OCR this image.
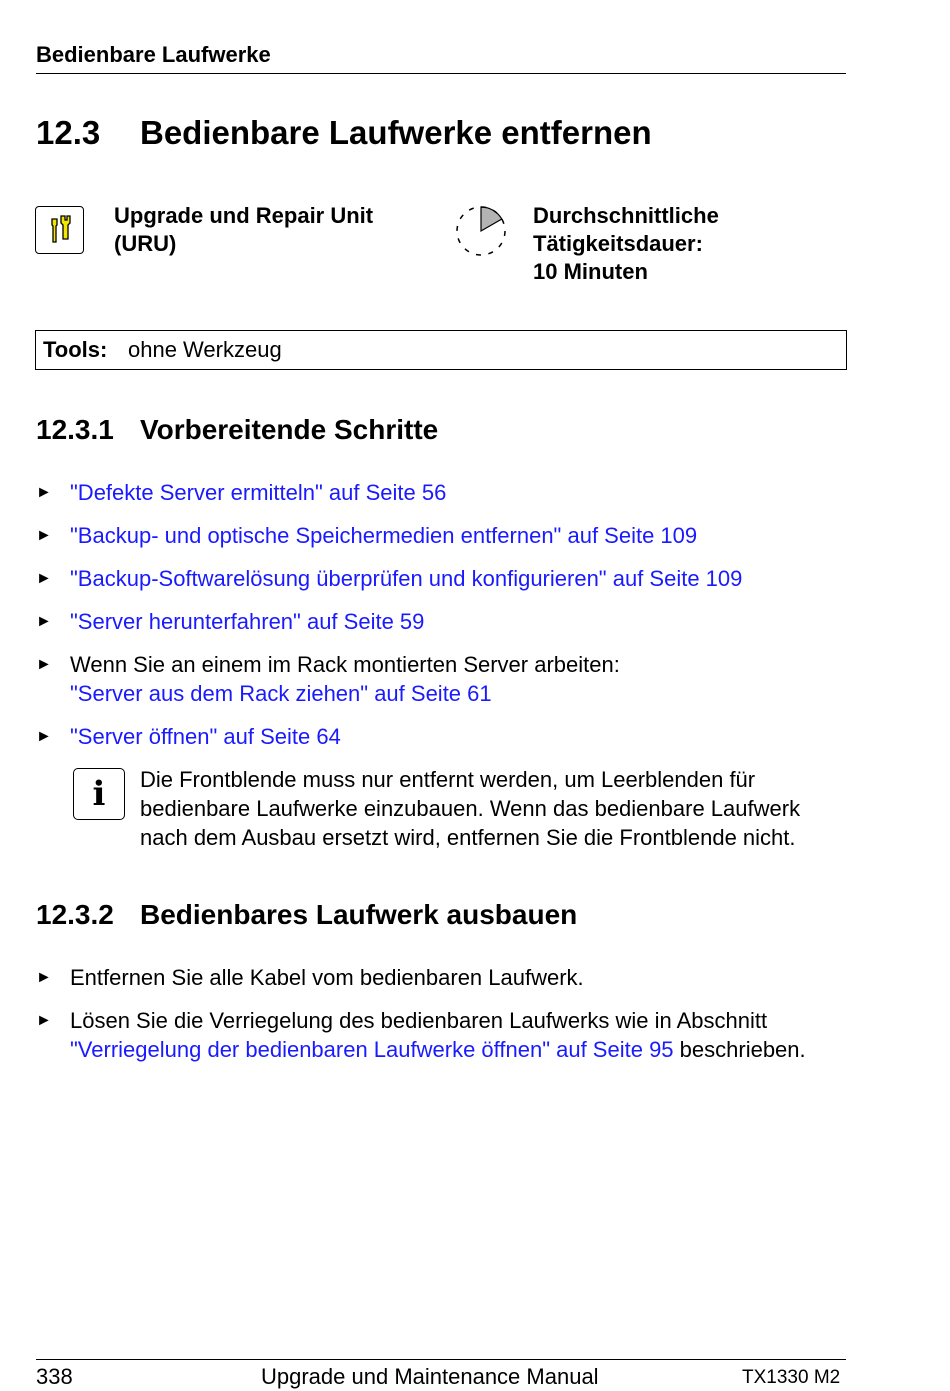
Bedienbare Laufwerke
12.3 Bedienbare Laufwerke entfernen
Upgrade und Repair Unit
(URU)
Durchschnittliche
Tätigkeitsdauer:
10 Minuten
Tools: ohne Werkzeug
12.3.1 Vorbereitende Schritte
► "Defekte Server ermitteln" auf Seite 56
► "Backup- und optische Speichermedien entfernen" auf Seite 109
► "Backup-Softwarelösung überprüfen und konfigurieren" auf Seite 109
► "Server herunterfahren" auf Seite 59
► Wenn Sie an einem im Rack montierten Server arbeiten:
"Server aus dem Rack ziehen" auf Seite 61
► "Server öffnen" auf Seite 64
i	Die Frontblende muss nur entfernt werden, um Leerblenden für
bedienbare Laufwerke einzubauen. Wenn das bedienbare Laufwerk
nach dem Ausbau ersetzt wird, entfernen Sie die Frontblende nicht.
12.3.2 Bedienbares Laufwerk ausbauen
► Entfernen Sie alle Kabel vom bedienbaren Laufwerk.
► Lösen Sie die Verriegelung des bedienbaren Laufwerks wie in Abschnitt
"Verriegelung der bedienbaren Laufwerke öffnen" auf Seite 95 beschrieben.
338	Upgrade und Maintenance Manual	TX1330 M2
